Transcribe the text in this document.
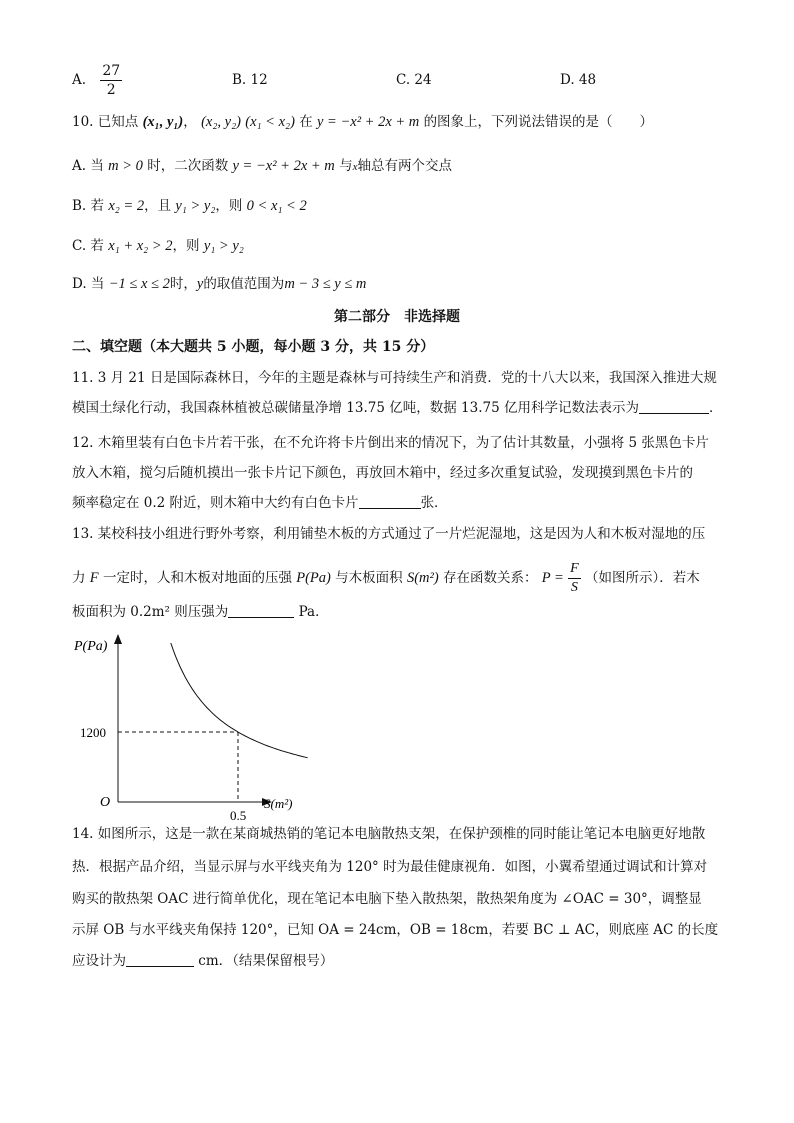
A. $\frac{27}{2}$	B. 12	C. 24	D. 48
10. 已知点 (x₁, y₁)， (x₂, y₂) (x₁ < x₂) 在 y = −x² + 2x + m 的图象上，下列说法错误的是（　　）
A. 当 m > 0 时，二次函数 y = −x² + 2x + m 与x轴总有两个交点
B. 若 x₂ = 2，且 y₁ > y₂，则 0 < x₁ < 2
C. 若 x₁ + x₂ > 2，则 y₁ > y₂
D. 当 −1 ≤ x ≤ 2时，y的取值范围为m − 3 ≤ y ≤ m
第二部分　非选择题
二、填空题（本大题共 5 小题，每小题 3 分，共 15 分）
11. 3 月 21 日是国际森林日，今年的主题是森林与可持续生产和消费．党的十八大以来，我国深入推进大规
模国土绿化行动，我国森林植被总碳储量净增 13.75 亿吨，数据 13.75 亿用科学记数法表示为	．
12. 木箱里装有白色卡片若干张，在不允许将卡片倒出来的情况下，为了估计其数量，小强将 5 张黑色卡片
放入木箱，搅匀后随机摸出一张卡片记下颜色，再放回木箱中，经过多次重复试验，发现摸到黑色卡片的
频率稳定在 0.2 附近，则木箱中大约有白色卡片	张．
13. 某校科技小组进行野外考察，利用铺垫木板的方式通过了一片烂泥湿地，这是因为人和木板对湿地的压
力 F 一定时，人和木板对地面的压强 P(Pa) 与木板面积 S(m²) 存在函数关系： $P = \frac{F}{S}$ （如图所示）．若木
板面积为 0.2m² 则压强为	Pa．
P(Pa)
S(m²)
O
1200
0.5
14. 如图所示，这是一款在某商城热销的笔记本电脑散热支架，在保护颈椎的同时能让笔记本电脑更好地散
热．根据产品介绍，当显示屏与水平线夹角为 120° 时为最佳健康视角．如图，小翼希望通过调试和计算对
购买的散热架 OAC 进行简单优化，现在笔记本电脑下垫入散热架，散热架角度为 ∠OAC = 30°，调整显
示屏 OB 与水平线夹角保持 120°，已知 OA = 24cm，OB = 18cm，若要 BC ⊥ AC，则底座 AC 的长度
应设计为	cm．（结果保留根号）
